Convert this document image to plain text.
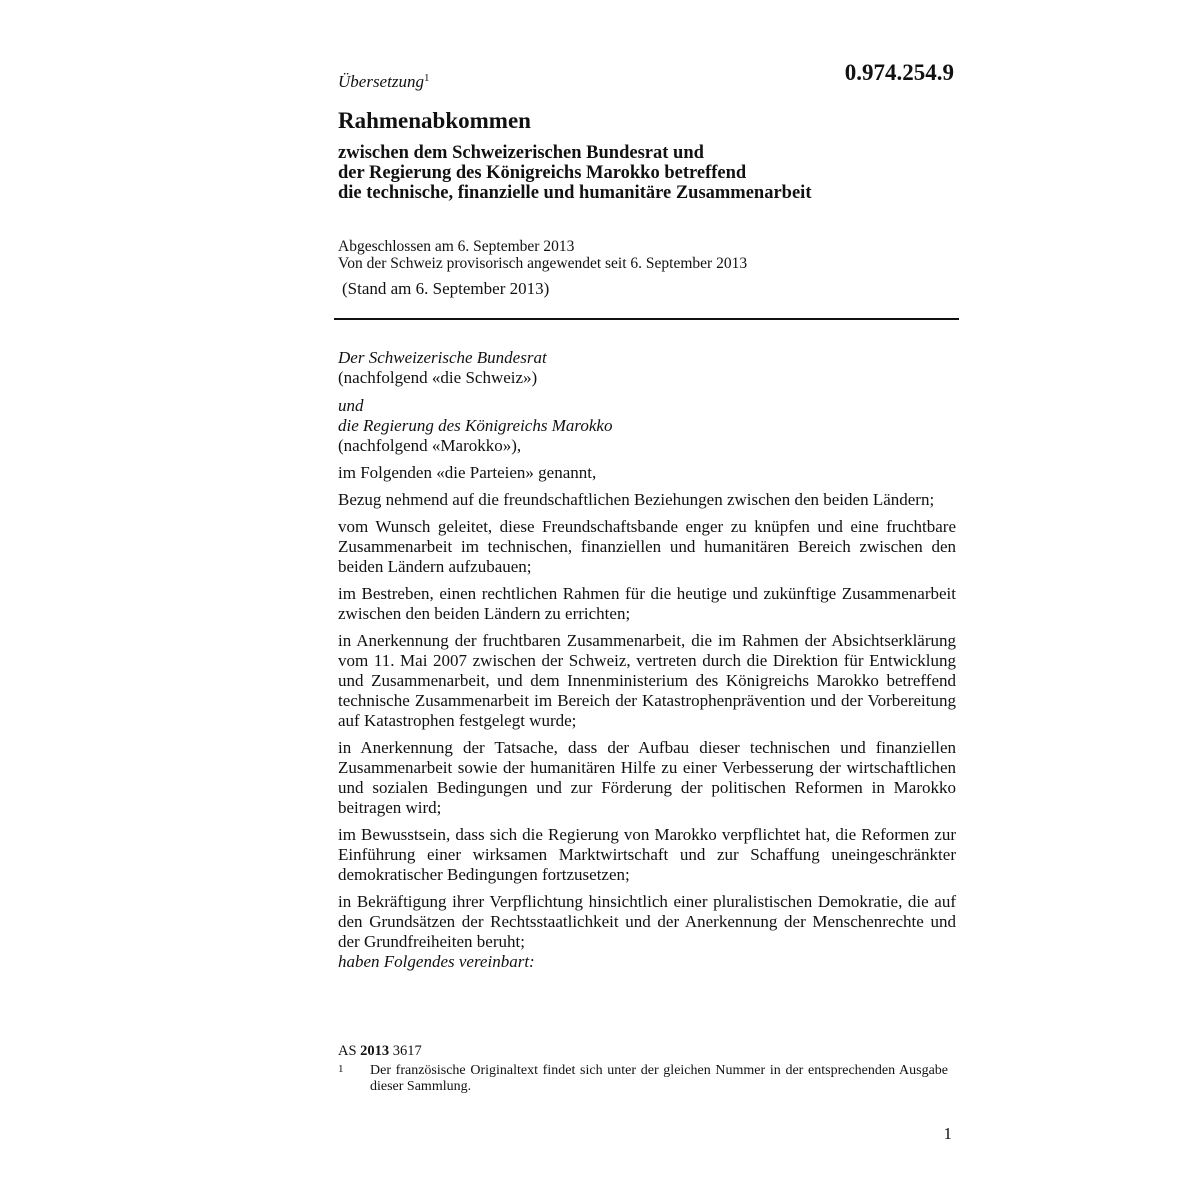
Übersetzung$^1$	0.974.254.9
Rahmenabkommen
zwischen dem Schweizerischen Bundesrat und
der Regierung des Königreichs Marokko betreffend
die technische, finanzielle und humanitäre Zusammenarbeit
Abgeschlossen am 6. September 2013
Von der Schweiz provisorisch angewendet seit 6. September 2013
(Stand am 6. September 2013)

Der Schweizerische Bundesrat
(nachfolgend «die Schweiz»)

und
die Regierung des Königreichs Marokko
(nachfolgend «Marokko»),

im Folgenden «die Parteien» genannt,

Bezug nehmend auf die freundschaftlichen Beziehungen zwischen den beiden Ländern;

vom Wunsch geleitet, diese Freundschaftsbande enger zu knüpfen und eine fruchtbare Zusammenarbeit im technischen, finanziellen und humanitären Bereich zwischen den beiden Ländern aufzubauen;

im Bestreben, einen rechtlichen Rahmen für die heutige und zukünftige Zusammenarbeit zwischen den beiden Ländern zu errichten;

in Anerkennung der fruchtbaren Zusammenarbeit, die im Rahmen der Absichtserklärung vom 11. Mai 2007 zwischen der Schweiz, vertreten durch die Direktion für Entwicklung und Zusammenarbeit, und dem Innenministerium des Königreichs Marokko betreffend technische Zusammenarbeit im Bereich der Katastrophenprävention und der Vorbereitung auf Katastrophen festgelegt wurde;

in Anerkennung der Tatsache, dass der Aufbau dieser technischen und finanziellen Zusammenarbeit sowie der humanitären Hilfe zu einer Verbesserung der wirtschaftlichen und sozialen Bedingungen und zur Förderung der politischen Reformen in Marokko beitragen wird;

im Bewusstsein, dass sich die Regierung von Marokko verpflichtet hat, die Reformen zur Einführung einer wirksamen Marktwirtschaft und zur Schaffung uneingeschränkter demokratischer Bedingungen fortzusetzen;

in Bekräftigung ihrer Verpflichtung hinsichtlich einer pluralistischen Demokratie, die auf den Grundsätzen der Rechtsstaatlichkeit und der Anerkennung der Menschenrechte und der Grundfreiheiten beruht;

haben Folgendes vereinbart:

AS 2013 3617
1 Der französische Originaltext findet sich unter der gleichen Nummer in der entsprechenden Ausgabe dieser Sammlung.
1
